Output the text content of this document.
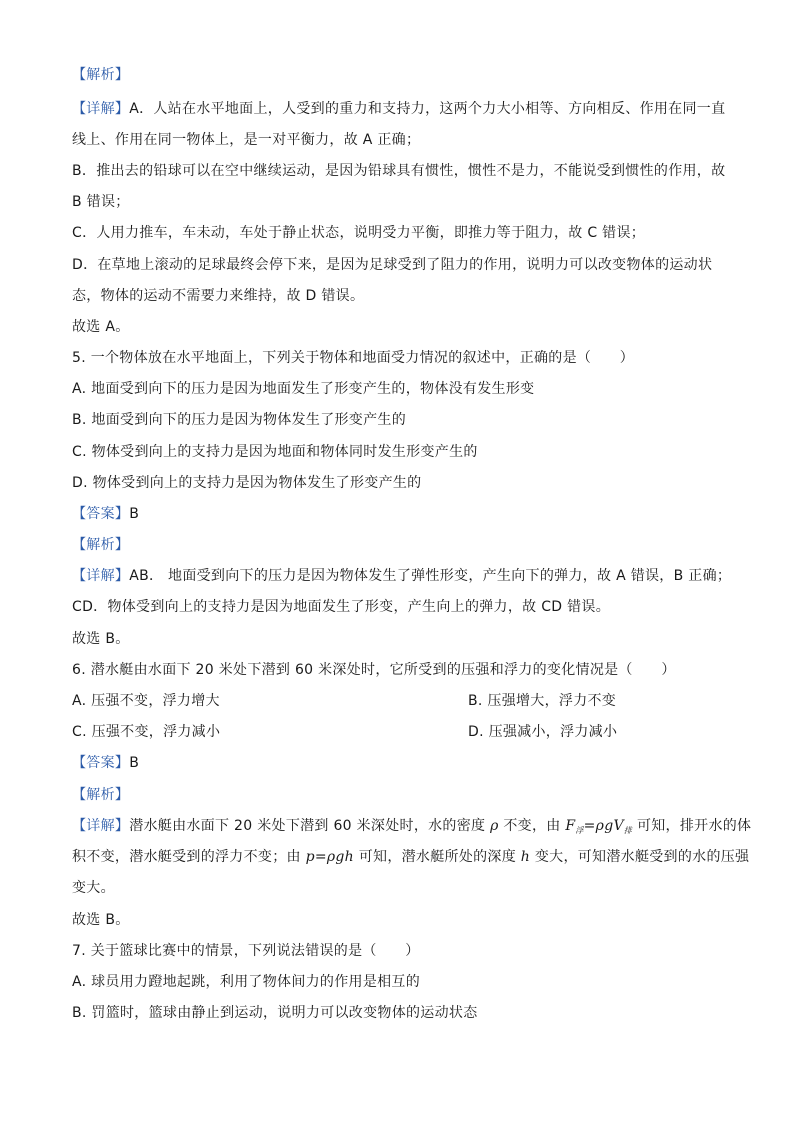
【解析】
【详解】A．人站在水平地面上，人受到的重力和支持力，这两个力大小相等、方向相反、作用在同一直
线上、作用在同一物体上，是一对平衡力，故 A 正确；
B．推出去的铅球可以在空中继续运动，是因为铅球具有惯性，惯性不是力，不能说受到惯性的作用，故
B 错误；
C．人用力推车，车未动，车处于静止状态，说明受力平衡，即推力等于阻力，故 C 错误；
D．在草地上滚动的足球最终会停下来，是因为足球受到了阻力的作用，说明力可以改变物体的运动状
态，物体的运动不需要力来维持，故 D 错误。
故选 A。
5. 一个物体放在水平地面上，下列关于物体和地面受力情况的叙述中，正确的是（　　）
A. 地面受到向下的压力是因为地面发生了形变产生的，物体没有发生形变
B. 地面受到向下的压力是因为物体发生了形变产生的
C. 物体受到向上的支持力是因为地面和物体同时发生形变产生的
D. 物体受到向上的支持力是因为物体发生了形变产生的
【答案】B
【解析】
【详解】AB． 地面受到向下的压力是因为物体发生了弹性形变，产生向下的弹力，故 A 错误，B 正确；
CD．物体受到向上的支持力是因为地面发生了形变，产生向上的弹力，故 CD 错误。
故选 B。
6. 潜水艇由水面下 20 米处下潜到 60 米深处时，它所受到的压强和浮力的变化情况是（　　）
A. 压强不变，浮力增大	B. 压强增大，浮力不变
C. 压强不变，浮力减小	D. 压强减小，浮力减小
【答案】B
【解析】
【详解】潜水艇由水面下 20 米处下潜到 60 米深处时，水的密度 ρ 不变，由 $F_浮=\rho gV_排$ 可知，排开水的体
积不变，潜水艇受到的浮力不变；由 p=ρgh 可知，潜水艇所处的深度 h 变大，可知潜水艇受到的水的压强
变大。
故选 B。
7. 关于篮球比赛中的情景，下列说法错误的是（　　）
A. 球员用力蹬地起跳，利用了物体间力的作用是相互的
B. 罚篮时，篮球由静止到运动，说明力可以改变物体的运动状态
